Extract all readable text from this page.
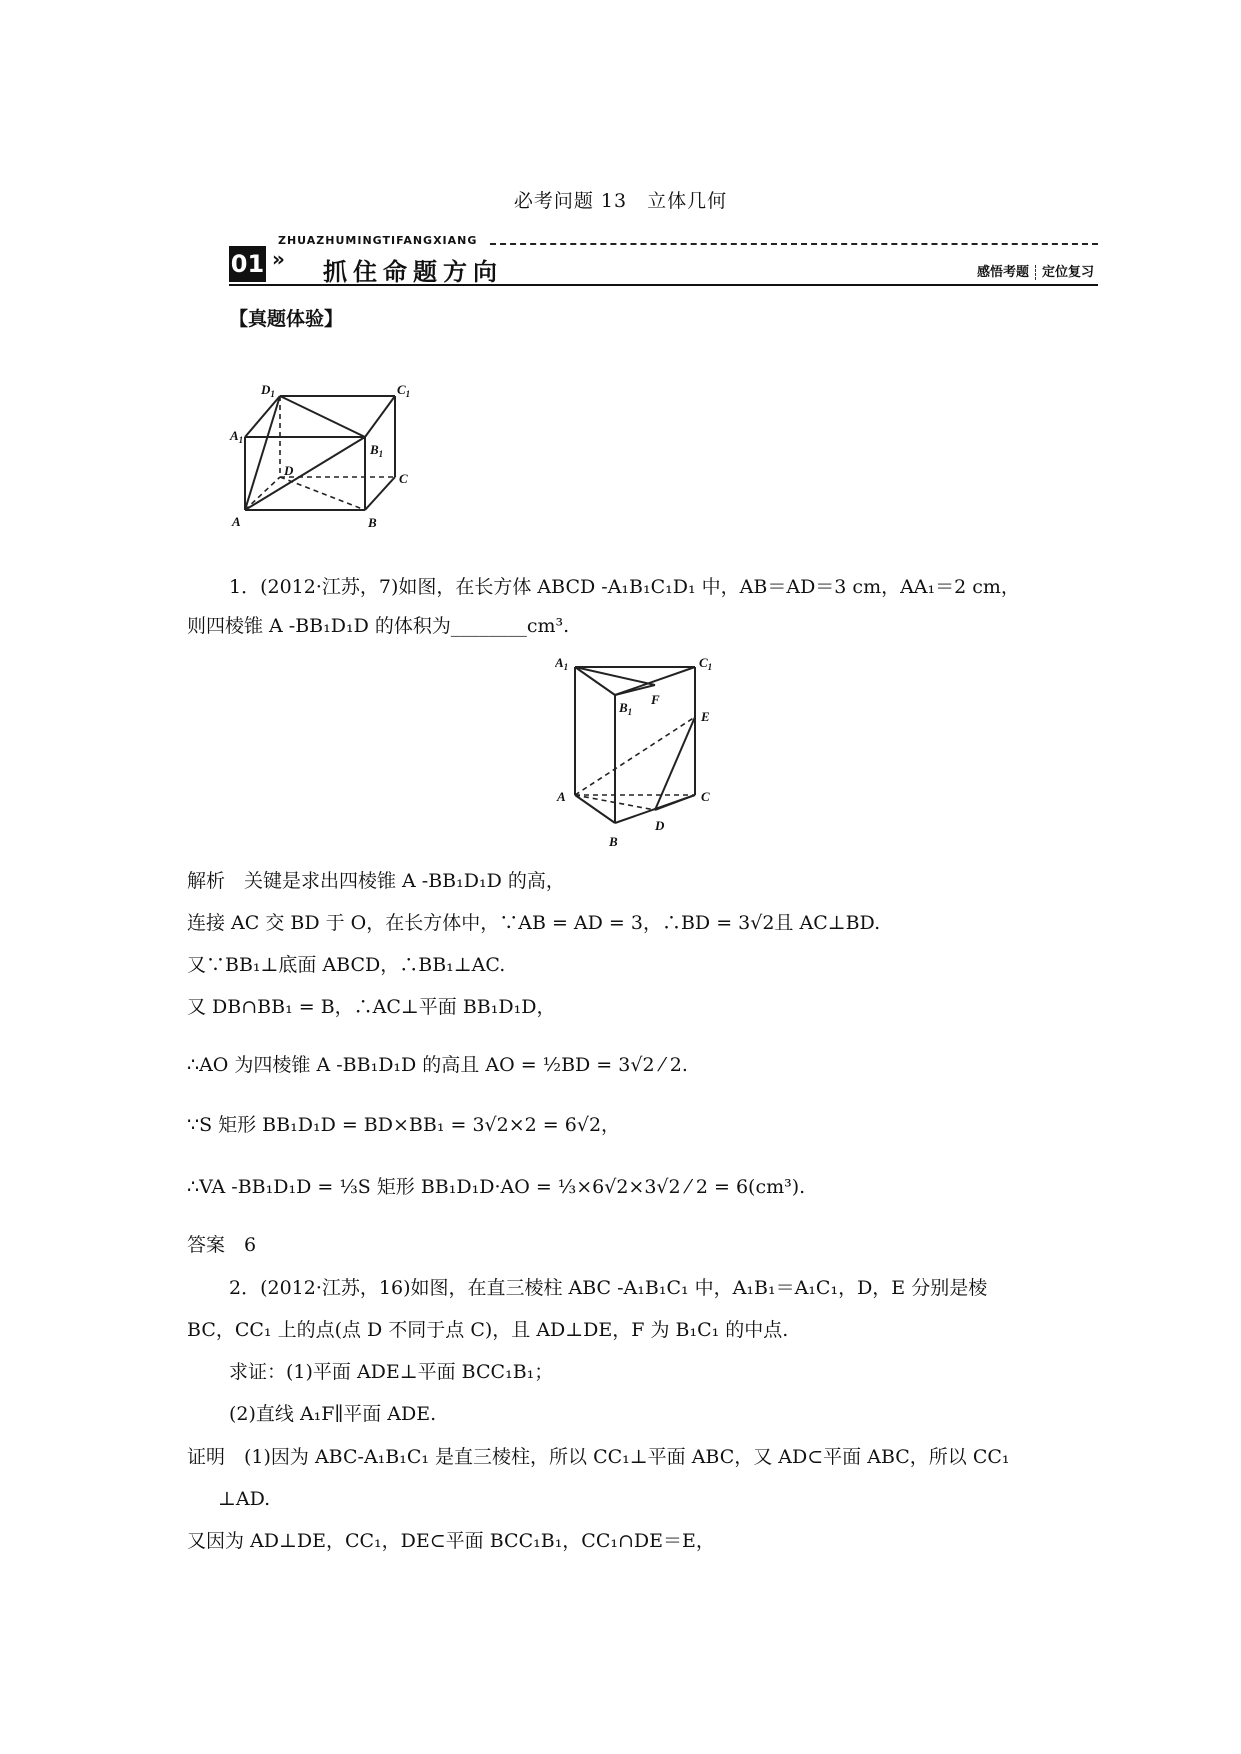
必考问题 13　立体几何
ZHUAZHUMINGTIFANGXIANG
01 » 抓住命题方向	感悟考题 定位复习
【真题体验】
$D_1$	$C_1$
$A_1$
$B_1$
D
C
A	B
1．(2012·江苏，7)如图，在长方体 ABCD -A₁B₁C₁D₁ 中，AB＝AD＝3 cm，AA₁＝2 cm，
则四棱锥 A -BB₁D₁D 的体积为________cm³.
$A_1$	$C_1$
F
$B_1$	E
A	C
D
B
解析　关键是求出四棱锥 A -BB₁D₁D 的高，
连接 AC 交 BD 于 O，在长方体中，∵AB = AD = 3，∴BD = 3√2且 AC⊥BD.
又∵BB₁⊥底面 ABCD，∴BB₁⊥AC.
又 DB∩BB₁ = B，∴AC⊥平面 BB₁D₁D，
∴AO 为四棱锥 A -BB₁D₁D 的高且 AO = ½BD = 3√2 ⁄ 2.
∵S 矩形 BB₁D₁D = BD×BB₁ = 3√2×2 = 6√2，
∴VA -BB₁D₁D = ⅓S 矩形 BB₁D₁D·AO = ⅓×6√2×3√2 ⁄ 2 = 6(cm³).
答案　6
2．(2012·江苏，16)如图，在直三棱柱 ABC -A₁B₁C₁ 中，A₁B₁＝A₁C₁，D，E 分别是棱
BC，CC₁ 上的点(点 D 不同于点 C)，且 AD⊥DE，F 为 B₁C₁ 的中点.
求证：(1)平面 ADE⊥平面 BCC₁B₁；
(2)直线 A₁F∥平面 ADE.
证明　(1)因为 ABC-A₁B₁C₁ 是直三棱柱，所以 CC₁⊥平面 ABC，又 AD⊂平面 ABC，所以 CC₁
⊥AD.
又因为 AD⊥DE，CC₁，DE⊂平面 BCC₁B₁，CC₁∩DE＝E，
